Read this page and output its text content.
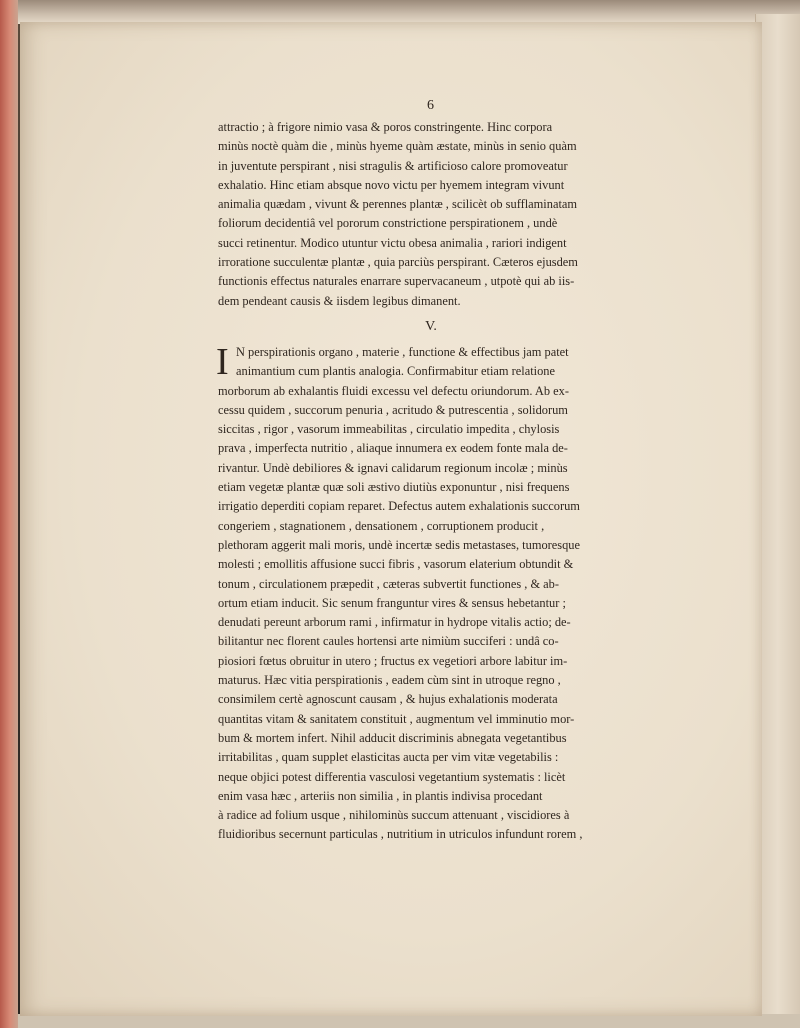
6

attractio ; à frigore nimio vasa & poros constringente. Hinc corpora
minùs noctè quàm die , minùs hyeme quàm æstate, minùs in senio quàm
in juventute perspirant , nisi stragulis & artificioso calore promoveatur
exhalatio. Hinc etiam absque novo victu per hyemem integram vivunt
animalia quædam , vivunt & perennes plantæ , scilicèt ob sufflaminatam
foliorum decidentiâ vel pororum constrictione perspirationem , undè
succi retinentur. Modico utuntur victu obesa animalia , rariori indigent
irroratione succulentæ plantæ , quia parciùs perspirant. Cæteros ejusdem
functionis effectus naturales enarrare supervacaneum , utpotè qui ab iis-
dem pendeant causis & iisdem legibus dimanent.

V.
I N perspirationis organo , materie , functione & effectibus jam patet
animantium cum plantis analogia. Confirmabitur etiam relatione

morborum ab exhalantis fluidi excessu vel defectu oriundorum. Ab ex-
cessu quidem , succorum penuria , acritudo & putrescentia , solidorum
siccitas , rigor , vasorum immeabilitas , circulatio impedita , chylosis
prava , imperfecta nutritio , aliaque innumera ex eodem fonte mala de-
rivantur. Undè debiliores & ignavi calidarum regionum incolæ ; minùs
etiam vegetæ plantæ quæ soli æstivo diutiùs exponuntur , nisi frequens
irrigatio deperditi copiam reparet. Defectus autem exhalationis succorum
congeriem , stagnationem , densationem , corruptionem producit ,
plethoram aggerit mali moris, undè incertæ sedis metastases, tumoresque
molesti ; emollitis affusione succi fibris , vasorum elaterium obtundit &
tonum , circulationem præpedit , cæteras subvertit functiones , & ab-
ortum etiam inducit. Sic senum franguntur vires & sensus hebetantur ;
denudati pereunt arborum rami , infirmatur in hydrope vitalis actio; de-
bilitantur nec florent caules hortensi arte nimiùm succiferi : undâ co-
piosiori fœtus obruitur in utero ; fructus ex vegetiori arbore labitur im-
maturus. Hæc vitia perspirationis , eadem cùm sint in utroque regno ,
consimilem certè agnoscunt causam , & hujus exhalationis moderata
quantitas vitam & sanitatem constituit , augmentum vel imminutio mor-
bum & mortem infert. Nihil adducit discriminis abnegata vegetantibus
irritabilitas , quam supplet elasticitas aucta per vim vitæ vegetabilis :
neque objici potest differentia vasculosi vegetantium systematis : licèt
enim vasa hæc , arteriis non similia , in plantis indivisa procedant
à radice ad folium usque , nihilominùs succum attenuant , viscidiores à
fluidioribus secernunt particulas , nutritium in utriculos infundunt rorem ,
